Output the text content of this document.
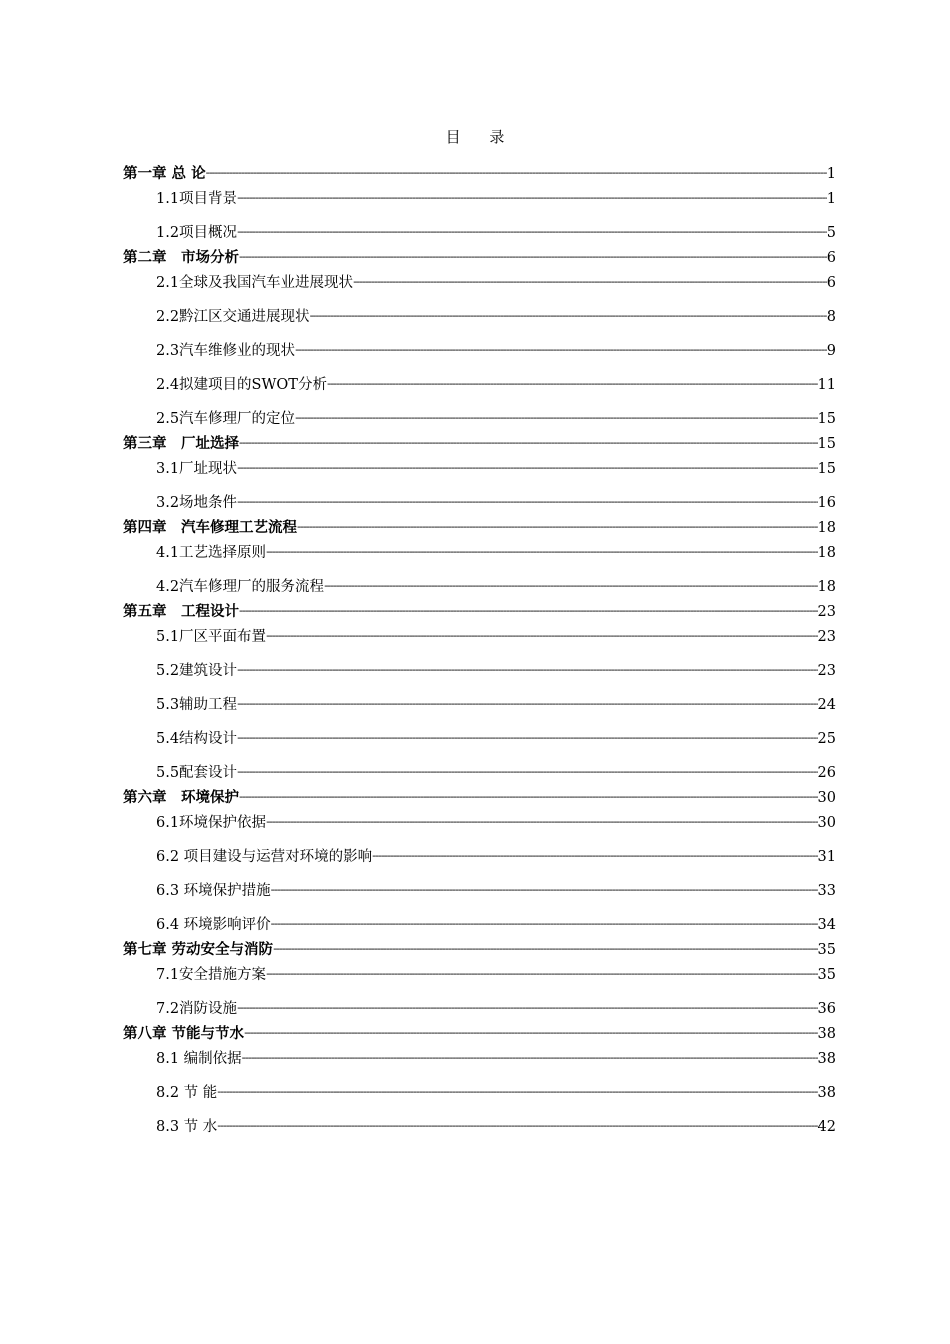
目 录
第一章 总 论 -----	1
1.1项目背景 -----	1
1.2项目概况 -----	5
第二章　市场分析 -----	6
2.1全球及我国汽车业进展现状 -----	6
2.2黔江区交通进展现状 -----	8
2.3汽车维修业的现状 -----	9
2.4拟建项目的SWOT分析 -----	11
2.5汽车修理厂的定位 -----	15
第三章　厂址选择 -----	15
3.1厂址现状 -----	15
3.2场地条件 -----	16
第四章　汽车修理工艺流程 -----	18
4.1工艺选择原则 -----	18
4.2汽车修理厂的服务流程 -----	18
第五章　工程设计 -----	23
5.1厂区平面布置 -----	23
5.2建筑设计 -----	23
5.3辅助工程 -----	24
5.4结构设计 -----	25
5.5配套设计 -----	26
第六章　环境保护 -----	30
6.1环境保护依据 -----	30
6.2 项目建设与运营对环境的影响 -----	31
6.3 环境保护措施 -----	33
6.4 环境影响评价 -----	34
第七章 劳动安全与消防 -----	35
7.1安全措施方案 -----	35
7.2消防设施 -----	36
第八章 节能与节水 -----	38
8.1 编制依据 -----	38
8.2 节 能 -----	38
8.3 节 水 -----	42
